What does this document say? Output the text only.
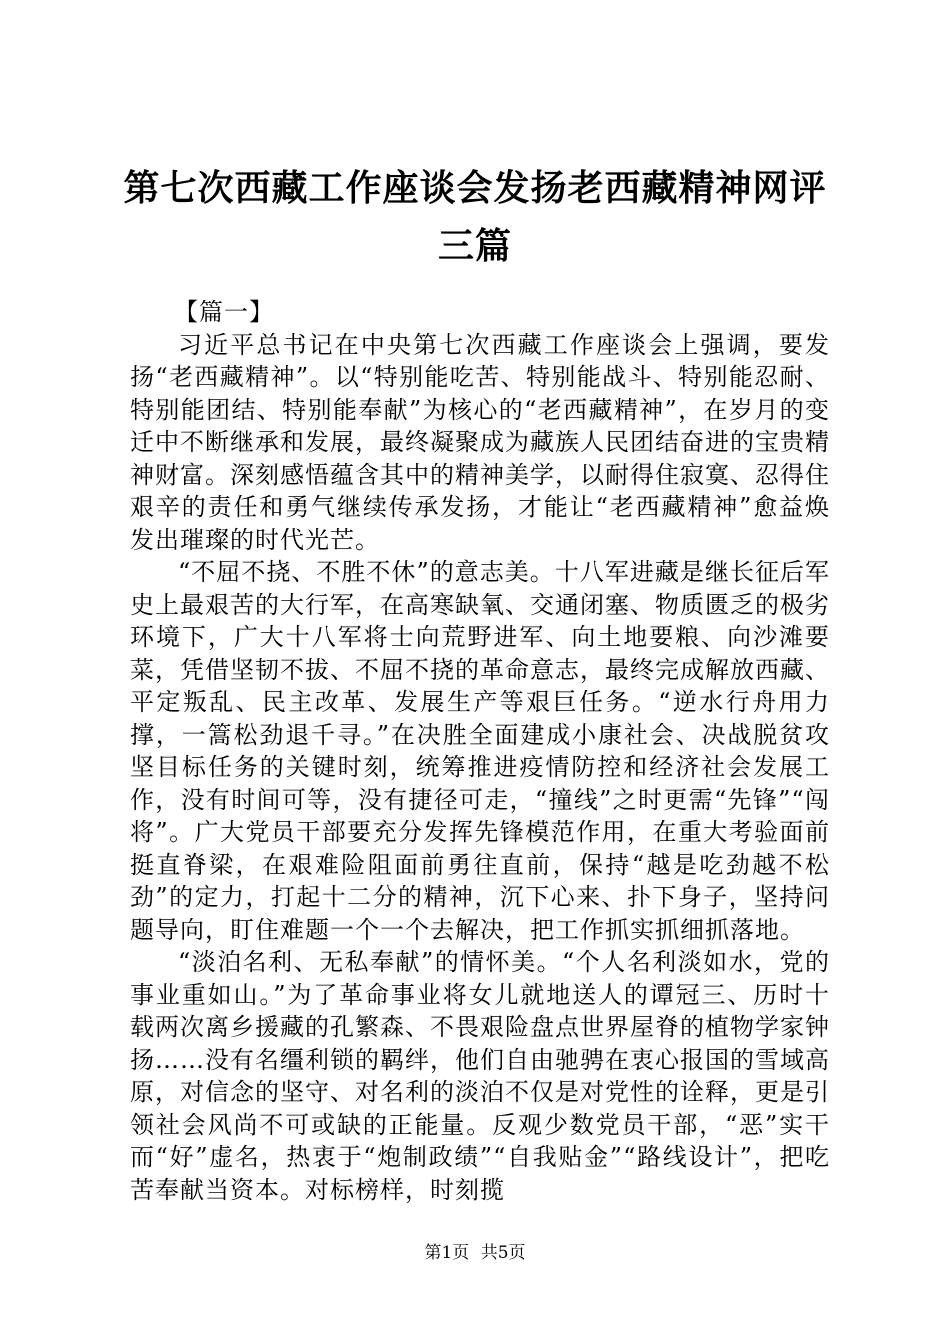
第七次西藏工作座谈会发扬老西藏精神网评三篇
【篇一】

习近平总书记在中央第七次西藏工作座谈会上强调，要发扬“老西藏精神”。以“特别能吃苦、特别能战斗、特别能忍耐、特别能团结、特别能奉献”为核心的“老西藏精神”，在岁月的变迁中不断继承和发展，最终凝聚成为藏族人民团结奋进的宝贵精神财富。深刻感悟蕴含其中的精神美学，以耐得住寂寞、忍得住艰辛的责任和勇气继续传承发扬，才能让“老西藏精神”愈益焕发出璀璨的时代光芒。

“不屈不挠、不胜不休”的意志美。十八军进藏是继长征后军史上最艰苦的大行军，在高寒缺氧、交通闭塞、物质匮乏的极劣环境下，广大十八军将士向荒野进军、向土地要粮、向沙滩要菜，凭借坚韧不拔、不屈不挠的革命意志，最终完成解放西藏、平定叛乱、民主改革、发展生产等艰巨任务。“逆水行舟用力撑，一篙松劲退千寻。”在决胜全面建成小康社会、决战脱贫攻坚目标任务的关键时刻，统筹推进疫情防控和经济社会发展工作，没有时间可等，没有捷径可走，“撞线”之时更需“先锋”“闯将”。广大党员干部要充分发挥先锋模范作用，在重大考验面前挺直脊梁，在艰难险阻面前勇往直前，保持“越是吃劲越不松劲”的定力，打起十二分的精神，沉下心来、扑下身子，坚持问题导向，盯住难题一个一个去解决，把工作抓实抓细抓落地。

“淡泊名利、无私奉献”的情怀美。“个人名利淡如水，党的事业重如山。”为了革命事业将女儿就地送人的谭冠三、历时十载两次离乡援藏的孔繁森、不畏艰险盘点世界屋脊的植物学家钟扬……没有名缰利锁的羁绊，他们自由驰骋在衷心报国的雪域高原，对信念的坚守、对名利的淡泊不仅是对党性的诠释，更是引领社会风尚不可或缺的正能量。反观少数党员干部，“恶”实干而“好”虚名，热衷于“炮制政绩”“自我贴金”“路线设计”，把吃苦奉献当资本。对标榜样，时刻揽

第1页 共5页
